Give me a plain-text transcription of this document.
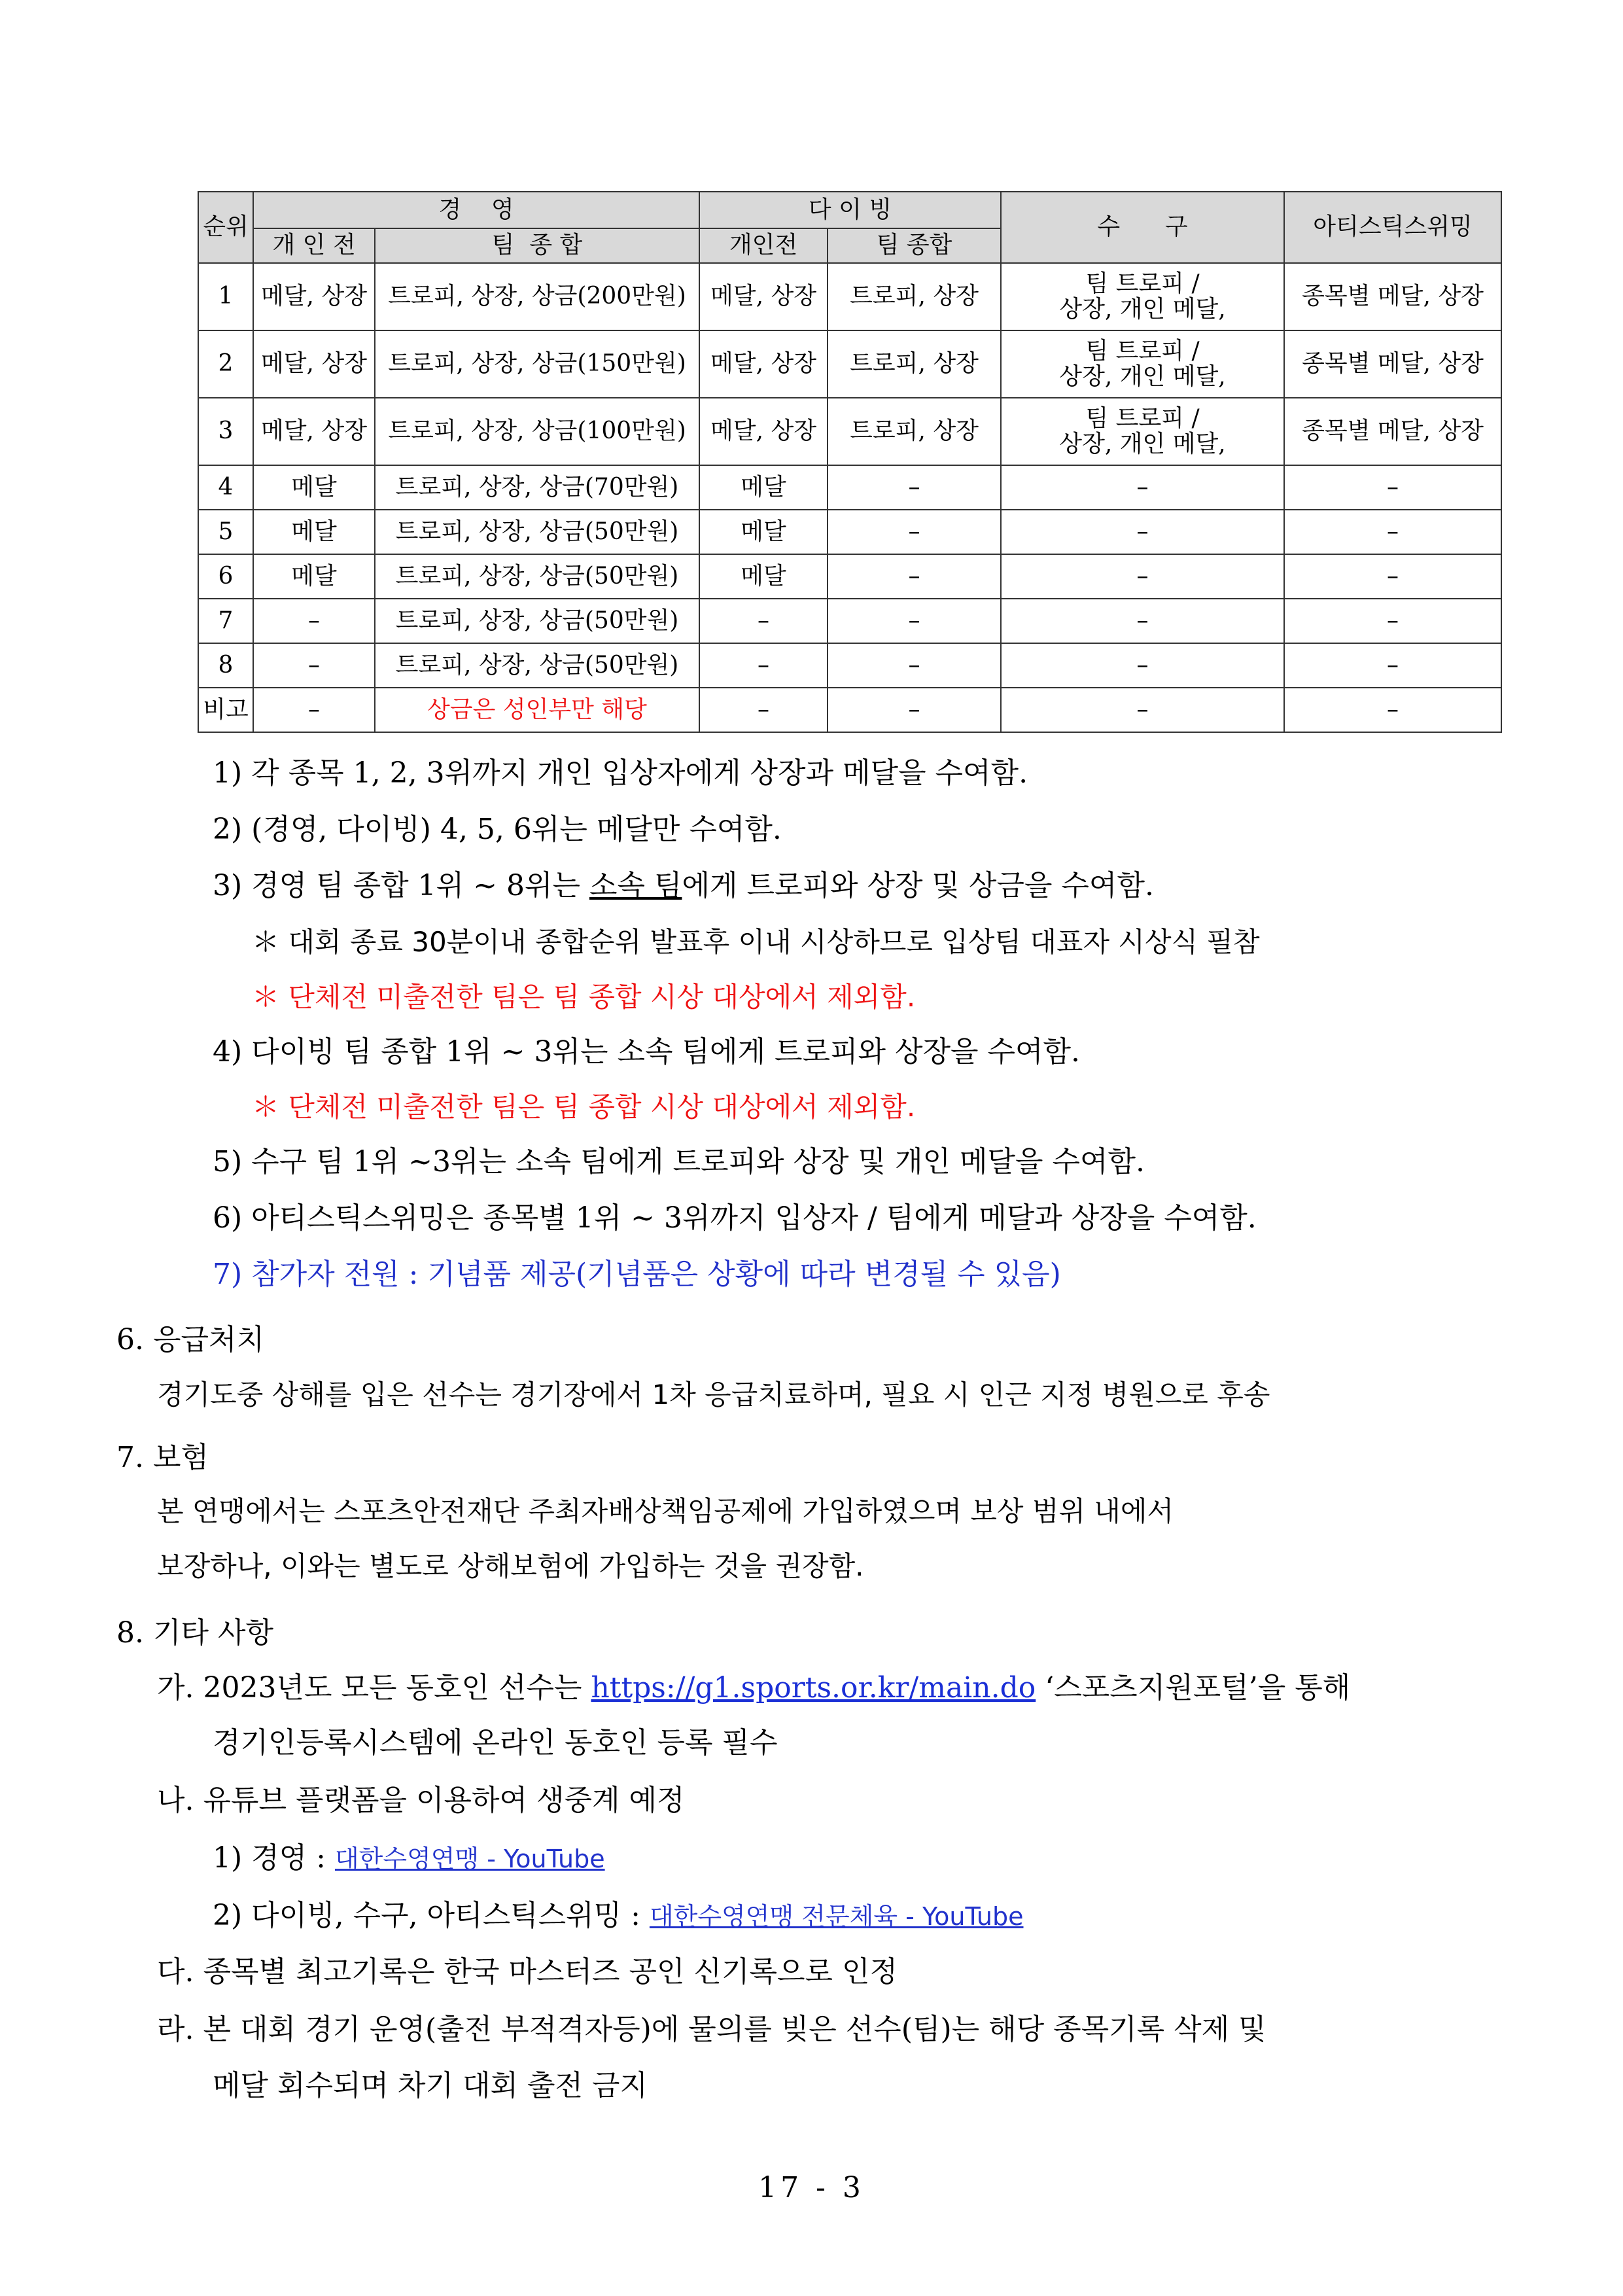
순위	경    영		다 이 빙		수      구	아티스틱스위밍
	개 인 전	팀  종 합	개인전	팀 종합		
1	메달, 상장	트로피, 상장, 상금(200만원)	메달, 상장	트로피, 상장	팀 트로피 /
상장, 개인 메달,	종목별 메달, 상장
2	메달, 상장	트로피, 상장, 상금(150만원)	메달, 상장	트로피, 상장	팀 트로피 /
상장, 개인 메달,	종목별 메달, 상장
3	메달, 상장	트로피, 상장, 상금(100만원)	메달, 상장	트로피, 상장	팀 트로피 /
상장, 개인 메달,	종목별 메달, 상장
4	메달	트로피, 상장, 상금(70만원)	메달	–	–	–
5	메달	트로피, 상장, 상금(50만원)	메달	–	–	–
6	메달	트로피, 상장, 상금(50만원)	메달	–	–	–
7	–	트로피, 상장, 상금(50만원)	–	–	–	–
8	–	트로피, 상장, 상금(50만원)	–	–	–	–
비고	–	상금은 성인부만 해당	–	–	–	–
1) 각 종목 1, 2, 3위까지 개인 입상자에게 상장과 메달을 수여함.
2) (경영, 다이빙) 4, 5, 6위는 메달만 수여함.
3) 경영 팀 종합 1위 ~ 8위는 소속 팀에게 트로피와 상장 및 상금을 수여함.
＊ 대회 종료 30분이내 종합순위 발표후 이내 시상하므로 입상팀 대표자 시상식 필참
＊ 단체전 미출전한 팀은 팀 종합 시상 대상에서 제외함.
4) 다이빙 팀 종합 1위 ~ 3위는 소속 팀에게 트로피와 상장을 수여함.
＊ 단체전 미출전한 팀은 팀 종합 시상 대상에서 제외함.
5) 수구 팀 1위 ~3위는 소속 팀에게 트로피와 상장 및 개인 메달을 수여함.
6) 아티스틱스위밍은 종목별 1위 ~ 3위까지 입상자 / 팀에게 메달과 상장을 수여함.
7) 참가자 전원 : 기념품 제공(기념품은 상황에 따라 변경될 수 있음)
6. 응급처치
경기도중 상해를 입은 선수는 경기장에서 1차 응급치료하며, 필요 시 인근 지정 병원으로 후송
7. 보험
본 연맹에서는 스포츠안전재단 주최자배상책임공제에 가입하였으며 보상 범위 내에서
보장하나, 이와는 별도로 상해보험에 가입하는 것을 권장함.
8. 기타 사항
가. 2023년도 모든 동호인 선수는 https://g1.sports.or.kr/main.do ‘스포츠지원포털’을 통해
경기인등록시스템에 온라인 동호인 등록 필수
나. 유튜브 플랫폼을 이용하여 생중계 예정
1) 경영 : 대한수영연맹 - YouTube
2) 다이빙, 수구, 아티스틱스위밍 : 대한수영연맹 전문체육 - YouTube
다. 종목별 최고기록은 한국 마스터즈 공인 신기록으로 인정
라. 본 대회 경기 운영(출전 부적격자등)에 물의를 빚은 선수(팀)는 해당 종목기록 삭제 및
메달 회수되며 차기 대회 출전 금지
17 - 3
